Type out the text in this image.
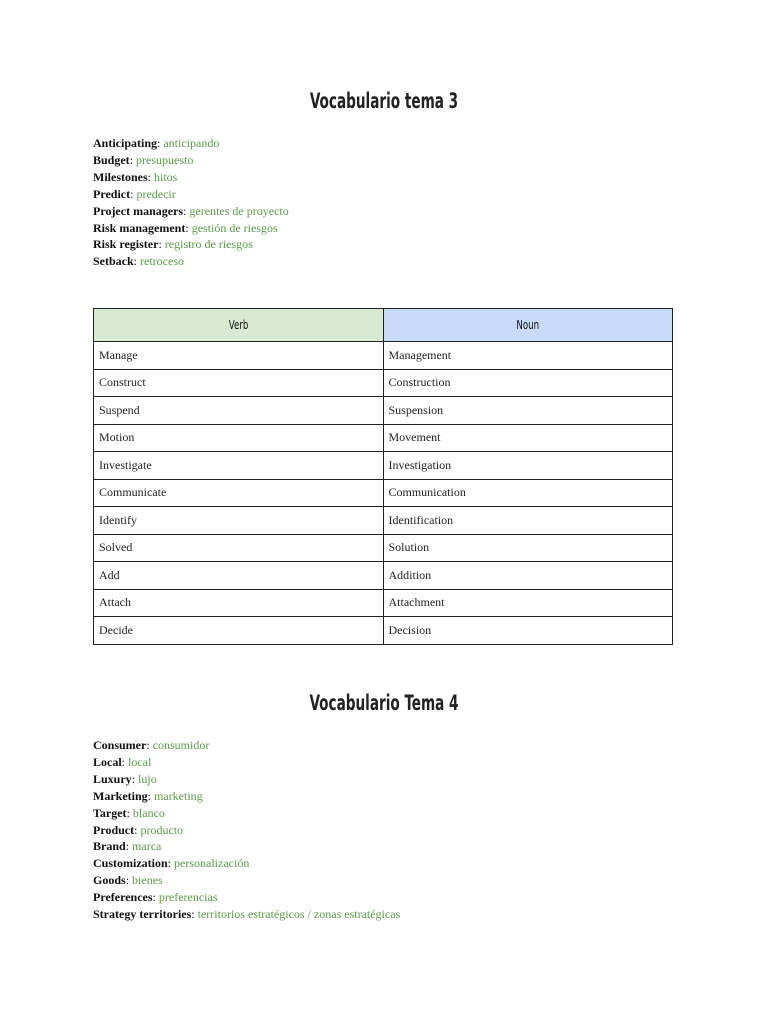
Vocabulario tema 3
Anticipating: anticipando
Budget: presupuesto
Milestones: hitos
Predict: predecir
Project managers: gerentes de proyecto
Risk management: gestión de riesgos
Risk register: registro de riesgos
Setback: retroceso
Verb	Noun
Manage	Management
Construct	Construction
Suspend	Suspension
Motion	Movement
Investigate	Investigation
Communicate	Communication
Identify	Identification
Solved	Solution
Add	Addition
Attach	Attachment
Decide	Decision
Vocabulario Tema 4
Consumer: consumidor
Local: local
Luxury: lujo
Marketing: marketing
Target: blanco
Product: producto
Brand: marca
Customization: personalización
Goods: bienes
Preferences: preferencias
Strategy territories: territorios estratégicos / zonas estratégicas
